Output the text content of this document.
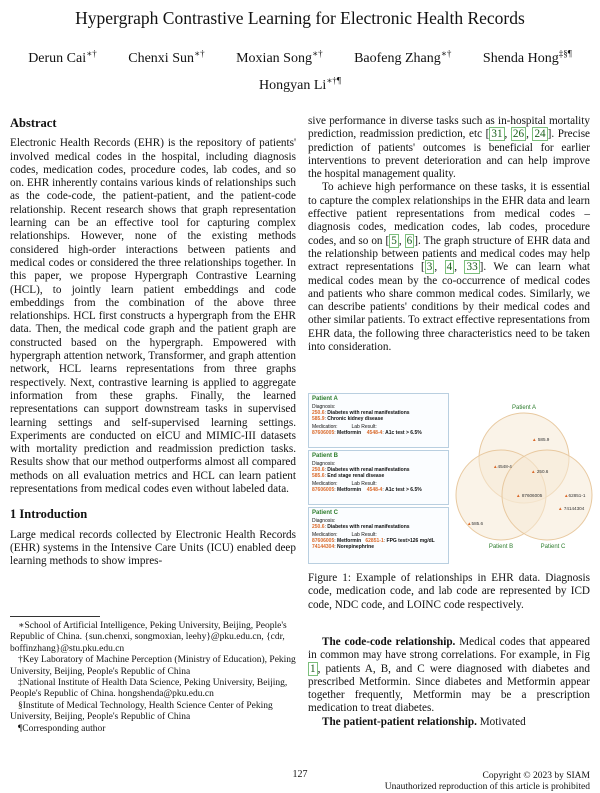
Hypergraph Contrastive Learning for Electronic Health Records
Derun Cai∗† Chenxi Sun∗† Moxian Song∗† Baofeng Zhang∗† Shenda Hong‡§¶
Hongyan Li∗†¶
Abstract

Electronic Health Records (EHR) is the repository of patients' involved medical codes in the hospital, including diagnosis codes, medication codes, procedure codes, lab codes, and so on. EHR inherently contains various kinds of relationships such as the code-code, the patient-patient, and the patient-code relationship. Recent research shows that graph representation learning can be an effective tool for capturing complex relationships. However, none of the existing methods considered high-order interactions between patients and medical codes or considered the three relationships together. In this paper, we propose Hypergraph Contrastive Learning (HCL), to jointly learn patient embeddings and code embeddings from the combination of the above three relationships. HCL first constructs a hypergraph from the EHR data. Then, the medical code graph and the patient graph are constructed based on the hypergraph. Empowered with hypergraph attention network, Transformer, and graph attention network, HCL learns representations from three graphs respectively. Next, contrastive learning is applied to aggregate information from these graphs. Finally, the learned representations can support downstream tasks in supervised learning settings and self-supervised learning settings. Experiments are conducted on eICU and MIMIC-III datasets with mortality prediction and readmission prediction tasks. Results show that our method outperforms almost all compared methods on all evaluation metrics and HCL can learn patient representations from medical codes even without labeled data.

1 Introduction

Large medical records collected by Electronic Health Records (EHR) systems in the Intensive Care Units (ICU) enabled deep learning methods to show impres-

∗School of Artificial Intelligence, Peking University, Beijing, People's Republic of China. {sun.chenxi, songmoxian, leehy}@pku.edu.cn, {cdr, boffinzhang}@stu.pku.edu.cn

†Key Laboratory of Machine Perception (Ministry of Education), Peking University, Beijing, People's Republic of China

‡National Institute of Health Data Science, Peking University, Beijing, People's Republic of China. hongshenda@pku.edu.cn

§Institute of Medical Technology, Health Science Center of Peking University, Beijing, People's Republic of China

¶Corresponding author

sive performance in diverse tasks such as in-hospital mortality prediction, readmission prediction, etc [ 31 , 26 , 24 ]. Precise prediction of patients' outcomes is beneficial for earlier interventions to prevent deterioration and can help improve the hospital management quality.

To achieve high performance on these tasks, it is essential to capture the complex relationships in the EHR data and learn effective patient representations from medical codes – diagnosis codes, medication codes, lab codes, procedure codes, and so on [ 5 , 6 ]. The graph structure of EHR data and the relationship between patients and medical codes may help extract representations [ 3 , 4 , 33 ]. We can learn what medical codes mean by the co-occurrence of medical codes and patients who share common medical codes. Similarly, we can describe patients' conditions by their medical codes and other similar patients. To extract effective representations from EHR data, the following three characteristics need to be taken into consideration.

Patient A
Diagnosis:
250.6: Diabetes with renal manifestations
585.9: Chronic kidney disease
Medication:	Lab Result:
87606005: Metformin 4548-4: A1c test > 6.5%
Patient B
Diagnosis:
250.6: Diabetes with renal manifestations
585.6: End stage renal disease
Medication:	Lab Result:
87606005: Metformin 4548-4: A1c test > 6.5%
Patient C
Diagnosis:
250.6: Diabetes with renal manifestations
Medication:	Lab Result:
87606005: Metformin 62851-1: FPG test>126 mg/dL
74144304: Norepinephrine
Patient A
Patient B	Patient C
▲ 585.9
▲4548-4
▲ 250.6
▲ 87606005	▲62851-1
▲ 74144304
▲585.6
Figure 1: Example of relationships in EHR data. Diagnosis code, medication code, and lab code are represented by ICD code, NDC code, and LOINC code respectively.

The code-code relationship. Medical codes that appeared in common may have strong correlations. For example, in Fig 1 , patients A, B, and C were diagnosed with diabetes and prescribed Metformin. Since diabetes and Metformin appear together frequently, Metformin may be a prescription medication to treat diabetes.

The patient-patient relationship. Motivated

127	Copyright © 2023 by SIAM
Unauthorized reproduction of this article is prohibited
